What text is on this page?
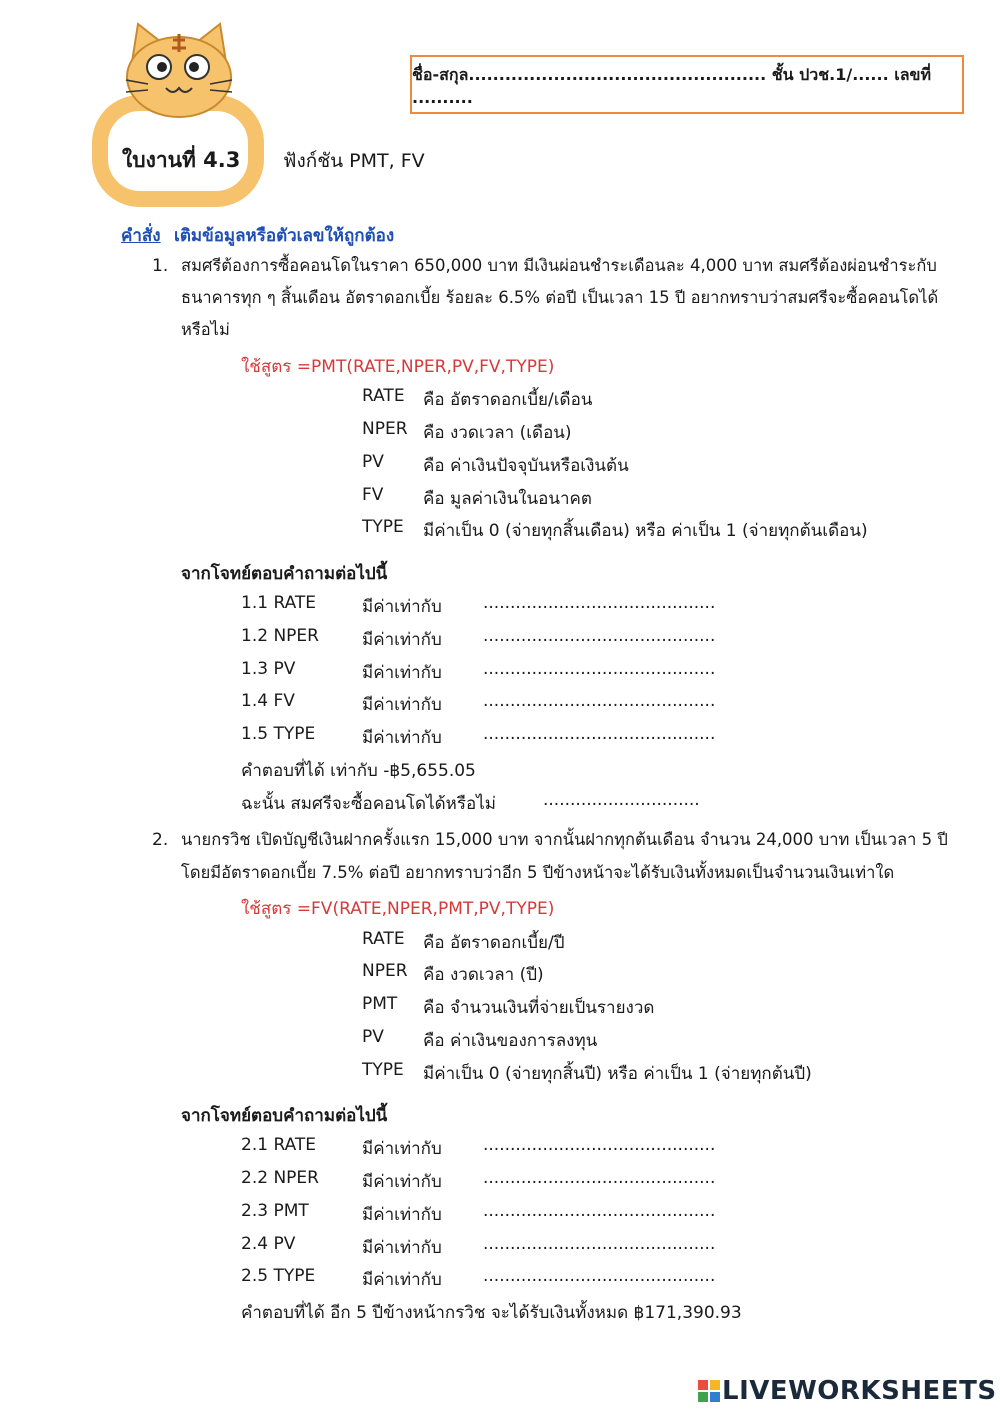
ใบงานที่ 4.3 ฟังก์ชัน PMT, FV
ชื่อ-สกุล................................................. ชั้น ปวช.1/...... เลขที่ ..........
คำสั่ง เติมข้อมูลหรือตัวเลขให้ถูกต้อง
1. สมศรีต้องการซื้อคอนโดในราคา 650,000 บาท มีเงินผ่อนชำระเดือนละ 4,000 บาท สมศรีต้องผ่อนชำระกับ
ธนาคารทุก ๆ สิ้นเดือน อัตราดอกเบี้ย ร้อยละ 6.5% ต่อปี เป็นเวลา 15 ปี อยากทราบว่าสมศรีจะซื้อคอนโดได้
หรือไม่
ใช้สูตร =PMT(RATE,NPER,PV,FV,TYPE)
RATE คือ อัตราดอกเบี้ย/เดือน
NPER คือ งวดเวลา (เดือน)
PV คือ ค่าเงินปัจจุบันหรือเงินต้น
FV คือ มูลค่าเงินในอนาคต
TYPE มีค่าเป็น 0 (จ่ายทุกสิ้นเดือน) หรือ ค่าเป็น 1 (จ่ายทุกต้นเดือน)
จากโจทย์ตอบคำถามต่อไปนี้
1.1 RATE	มีค่าเท่ากับ ...........................................
1.2 NPER	มีค่าเท่ากับ ...........................................
1.3 PV	มีค่าเท่ากับ ...........................................
1.4 FV	มีค่าเท่ากับ ...........................................
1.5 TYPE	มีค่าเท่ากับ ...........................................
คำตอบที่ได้ เท่ากับ -฿5,655.05
ฉะนั้น สมศรีจะซื้อคอนโดได้หรือไม่	.............................
2. นายกรวิช เปิดบัญชีเงินฝากครั้งแรก 15,000 บาท จากนั้นฝากทุกต้นเดือน จำนวน 24,000 บาท เป็นเวลา 5 ปี
โดยมีอัตราดอกเบี้ย 7.5% ต่อปี อยากทราบว่าอีก 5 ปีข้างหน้าจะได้รับเงินทั้งหมดเป็นจำนวนเงินเท่าใด
ใช้สูตร =FV(RATE,NPER,PMT,PV,TYPE)
RATE คือ อัตราดอกเบี้ย/ปี
NPER คือ งวดเวลา (ปี)
PMT คือ จำนวนเงินที่จ่ายเป็นรายงวด
PV คือ ค่าเงินของการลงทุน
TYPE มีค่าเป็น 0 (จ่ายทุกสิ้นปี) หรือ ค่าเป็น 1 (จ่ายทุกต้นปี)
จากโจทย์ตอบคำถามต่อไปนี้
2.1 RATE	มีค่าเท่ากับ ...........................................
2.2 NPER	มีค่าเท่ากับ ...........................................
2.3 PMT	มีค่าเท่ากับ ...........................................
2.4 PV	มีค่าเท่ากับ ...........................................
2.5 TYPE	มีค่าเท่ากับ ...........................................
คำตอบที่ได้ อีก 5 ปีข้างหน้ากรวิช จะได้รับเงินทั้งหมด ฿171,390.93
LIVEWORKSHEETS
